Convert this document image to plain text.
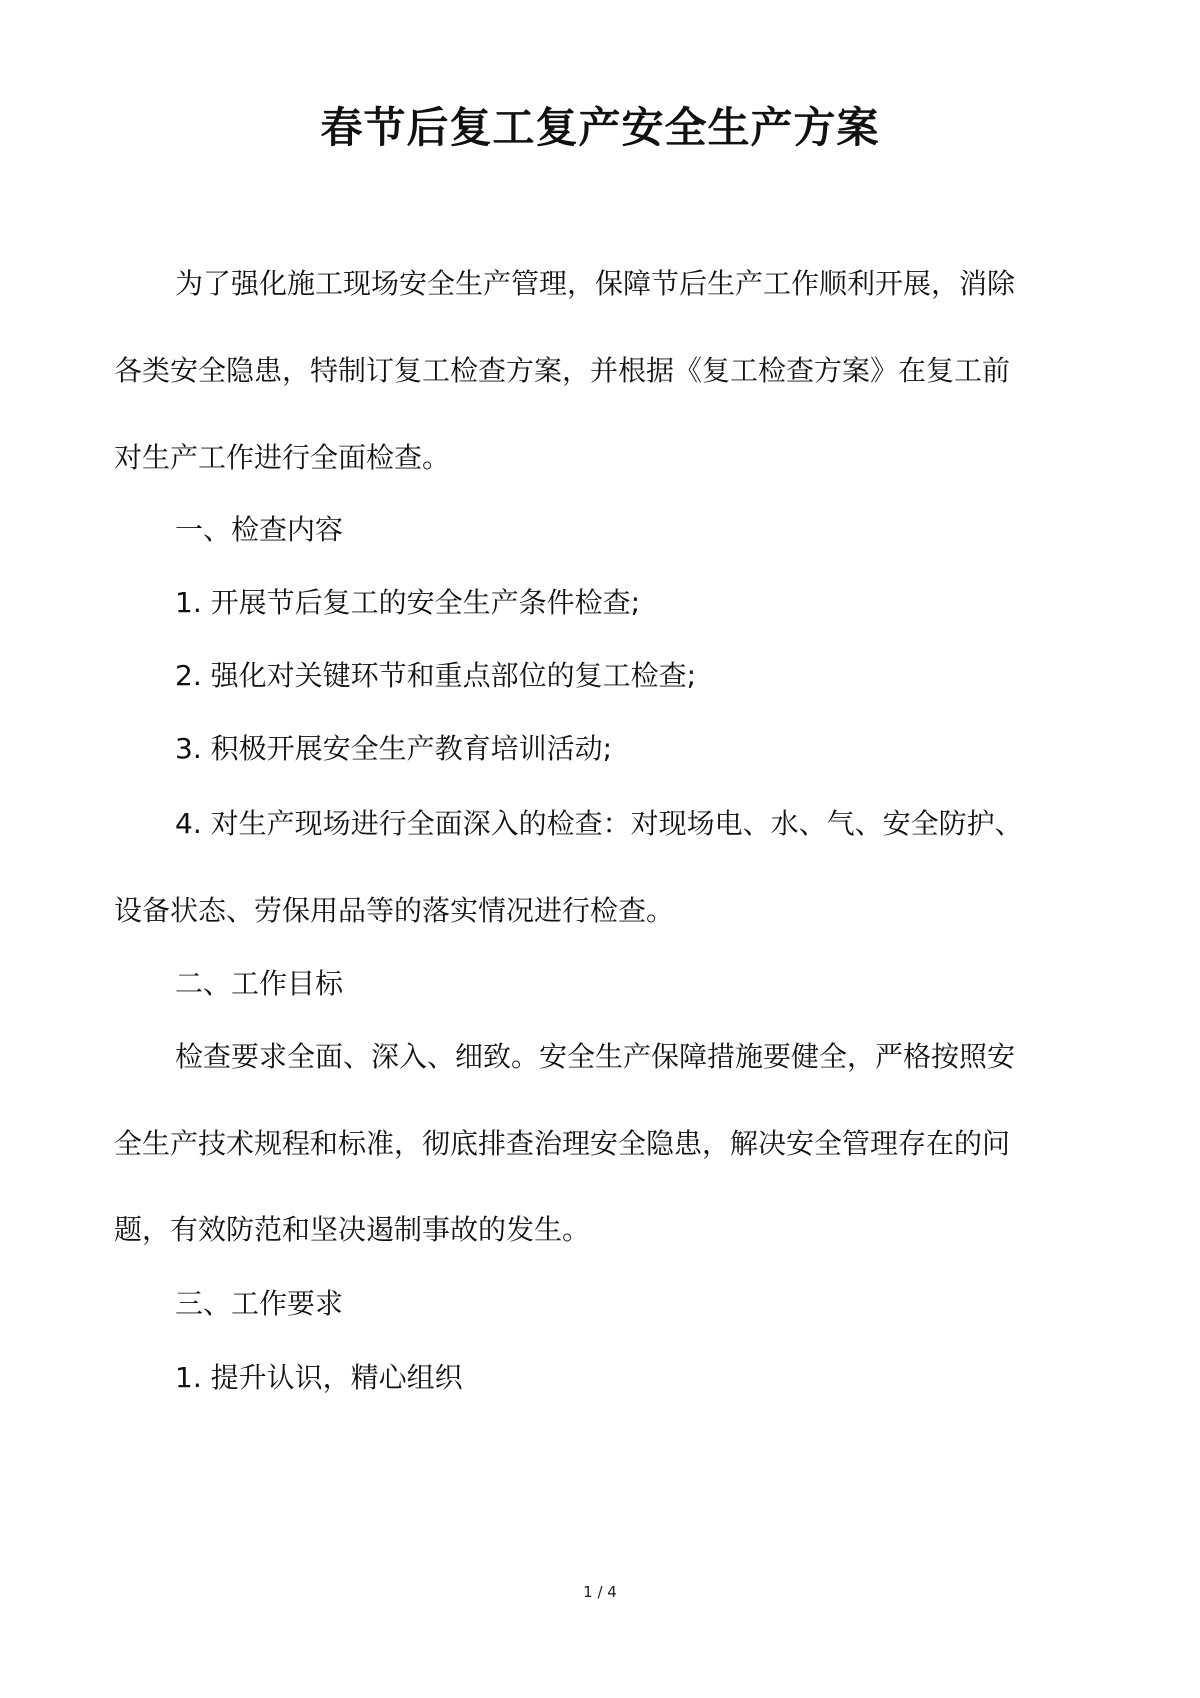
春节后复工复产安全生产方案
为了强化施工现场安全生产管理，保障节后生产工作顺利开展，消除
各类安全隐患，特制订复工检查方案，并根据《复工检查方案》在复工前
对生产工作进行全面检查。
一、检查内容
1. 开展节后复工的安全生产条件检查;
2. 强化对关键环节和重点部位的复工检查;
3. 积极开展安全生产教育培训活动;
4. 对生产现场进行全面深入的检查：对现场电、水、气、安全防护、
设备状态、劳保用品等的落实情况进行检查。
二、工作目标
检查要求全面、深入、细致。安全生产保障措施要健全，严格按照安
全生产技术规程和标准，彻底排查治理安全隐患，解决安全管理存在的问
题，有效防范和坚决遏制事故的发生。
三、工作要求
1. 提升认识，精心组织
1 / 4
